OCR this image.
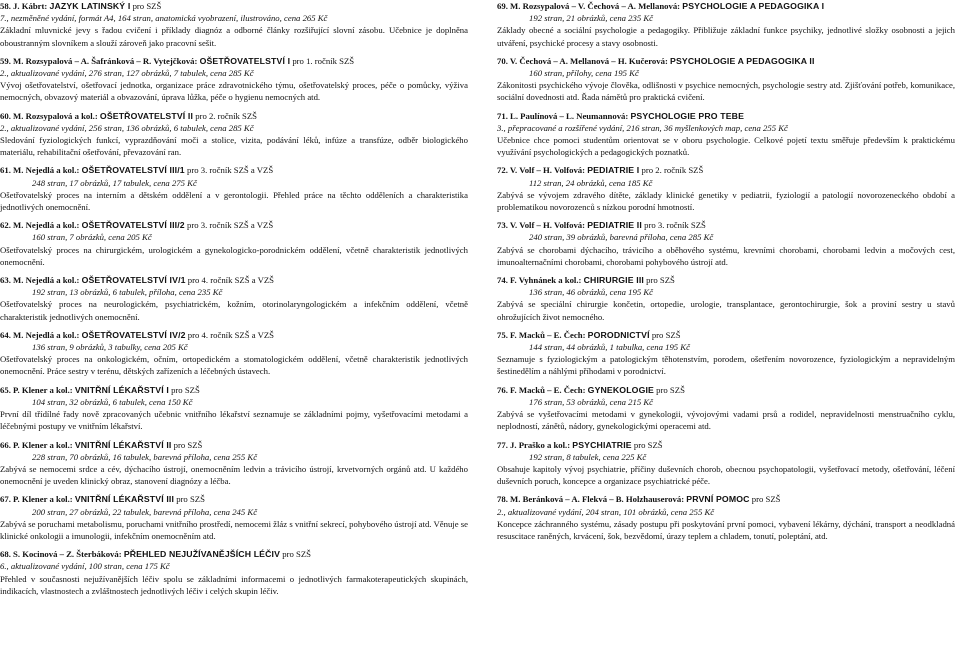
58. J. Kábrt: JAZYK LATINSKÝ I pro SZŠ

7., nezměněné vydání, formát A4, 164 stran, anatomická vyobrazení, ilustrováno, cena 265 Kč

Základní mluvnické jevy s řadou cvičení i příklady diagnóz a odborné články rozšiřující slovní zásobu. Učebnice je doplněna oboustranným slovníkem a slouží zároveň jako pracovní sešit.

59. M. Rozsypalová – A. Šafránková – R. Vytejčková: OŠETŘOVATELSTVÍ I pro 1. ročník SZŠ

2., aktualizované vydání, 276 stran, 127 obrázků, 7 tabulek, cena 285 Kč

Vývoj ošetřovatelství, ošetřovací jednotka, organizace práce zdravotnického týmu, ošetřovatelský proces, péče o pomůcky, výživa nemocných, obvazový materiál a obvazování, úprava lůžka, péče o hygienu nemocných atd.

60. M. Rozsypalová a kol.: OŠETŘOVATELSTVÍ II pro 2. ročník SZŠ

2., aktualizované vydání, 256 stran, 136 obrázků, 6 tabulek, cena 285 Kč

Sledování fyziologických funkcí, vyprazdňování moči a stolice, vizita, podávání léků, infúze a transfúze, odběr biologického materiálu, rehabilitační ošetřování, převazování ran.

61. M. Nejedlá a kol.: OŠETŘOVATELSTVÍ III/1 pro 3. ročník SZŠ a VZŠ

248 stran, 17 obrázků, 17 tabulek, cena 275 Kč

Ošetřovatelský proces na interním a dětském oddělení a v gerontologii. Přehled práce na těchto odděleních a charakteristika jednotlivých onemocnění.

62. M. Nejedlá a kol.: OŠETŘOVATELSTVÍ III/2 pro 3. ročník SZŠ a VZŠ

160 stran, 7 obrázků, cena 205 Kč

Ošetřovatelský proces na chirurgickém, urologickém a gynekologicko-porodnickém oddělení, včetně charakteristik jednotlivých onemocnění.

63. M. Nejedlá a kol.: OŠETŘOVATELSTVÍ IV/1 pro 4. ročník SZŠ a VZŠ

192 stran, 13 obrázků, 6 tabulek, příloha, cena 235 Kč

Ošetřovatelský proces na neurologickém, psychiatrickém, kožním, otorinolaryngologickém a infekčním oddělení, včetně charakteristik jednotlivých onemocnění.

64. M. Nejedlá a kol.: OŠETŘOVATELSTVÍ IV/2 pro 4. ročník SZŠ a VZŠ

136 stran, 9 obrázků, 3 tabulky, cena 205 Kč

Ošetřovatelský proces na onkologickém, očním, ortopedickém a stomatologickém oddělení, včetně charakteristik jednotlivých onemocnění. Práce sestry v terénu, dětských zařízeních a léčebných ústavech.

65. P. Klener a kol.: VNITŘNÍ LÉKAŘSTVÍ I pro SZŠ

104 stran, 32 obrázků, 6 tabulek, cena 150 Kč

První díl třídílné řady nově zpracovaných učebnic vnitřního lékařství seznamuje se základními pojmy, vyšetřovacími metodami a léčebnými postupy ve vnitřním lékařství.

66. P. Klener a kol.: VNITŘNÍ LÉKAŘSTVÍ II pro SZŠ

228 stran, 70 obrázků, 16 tabulek, barevná příloha, cena 255 Kč

Zabývá se nemocemi srdce a cév, dýchacího ústrojí, onemocněním ledvin a trávicího ústrojí, krvetvorných orgánů atd. U každého onemocnění je uveden klinický obraz, stanovení diagnózy a léčba.

67. P. Klener a kol.: VNITŘNÍ LÉKAŘSTVÍ III pro SZŠ

200 stran, 27 obrázků, 22 tabulek, barevná příloha, cena 245 Kč

Zabývá se poruchami metabolismu, poruchami vnitřního prostředí, nemocemi žláz s vnitřní sekrecí, pohybového ústrojí atd. Věnuje se klinické onkologii a imunologii, infekčním onemocněním atd.

68. S. Kocinová – Z. Šterbáková: PŘEHLED NEJUŽÍVANĚJŠÍCH LÉČIV pro SZŠ

6., aktualizované vydání, 100 stran, cena 175 Kč

Přehled v současnosti nejužívanějších léčiv spolu se základními informacemi o jednotlivých farmakoterapeutických skupinách, indikacích, vlastnostech a zvláštnostech jednotlivých léčiv i celých skupin léčiv.

69. M. Rozsypalová – V. Čechová – A. Mellanová: PSYCHOLOGIE A PEDAGOGIKA I

192 stran, 21 obrázků, cena 235 Kč

Základy obecné a sociální psychologie a pedagogiky. Přibližuje základní funkce psychiky, jednotlivé složky osobnosti a jejich utváření, psychické procesy a stavy osobnosti.

70. V. Čechová – A. Mellanová – H. Kučerová: PSYCHOLOGIE A PEDAGOGIKA II

160 stran, přílohy, cena 195 Kč

Zákonitosti psychického vývoje člověka, odlišnosti v psychice nemocných, psychologie sestry atd. Zjišťování potřeb, komunikace, sociální dovednosti atd. Řada námětů pro praktická cvičení.

71. L. Paulínová – L. Neumannová: PSYCHOLOGIE PRO TEBE

3., přepracované a rozšířené vydání, 216 stran, 36 myšlenkových map, cena 255 Kč

Učebnice chce pomoci studentům orientovat se v oboru psychologie. Celkové pojetí textu směřuje především k praktickému využívání psychologických a pedagogických poznatků.

72. V. Volf – H. Volfová: PEDIATRIE I pro 2. ročník SZŠ

112 stran, 24 obrázků, cena 185 Kč

Zabývá se vývojem zdravého dítěte, základy klinické genetiky v pediatrii, fyziologií a patologií novorozeneckého období a problematikou novorozenců s nízkou porodní hmotností.

73. V. Volf – H. Volfová: PEDIATRIE II pro 3. ročník SZŠ

240 stran, 39 obrázků, barevná příloha, cena 285 Kč

Zabývá se chorobami dýchacího, trávicího a oběhového systému, krevními chorobami, chorobami ledvin a močových cest, imunoalternačními chorobami, chorobami pohybového ústrojí atd.

74. F. Vyhnánek a kol.: CHIRURGIE III pro SZŠ

136 stran, 46 obrázků, cena 195 Kč

Zabývá se speciální chirurgie končetin, ortopedie, urologie, transplantace, gerontochirurgie, šok a proviní sestry u stavů ohrožujících život nemocného.

75. F. Macků – E. Čech: PORODNICTVÍ pro SZŠ

144 stran, 44 obrázků, 1 tabulka, cena 195 Kč

Seznamuje s fyziologickým a patologickým těhotenstvím, porodem, ošetřením novorozence, fyziologickým a nepravidelným šestinedělím a náhlými příhodami v porodnictví.

76. F. Macků – E. Čech: GYNEKOLOGIE pro SZŠ

176 stran, 53 obrázků, cena 215 Kč

Zabývá se vyšetřovacími metodami v gynekologii, vývojovými vadami prsů a rodidel, nepravidelnosti menstruačního cyklu, neplodností, zánětů, nádory, gynekologickými operacemi atd.

77. J. Praško a kol.: PSYCHIATRIE pro SZŠ

192 stran, 8 tabulek, cena 225 Kč

Obsahuje kapitoly vývoj psychiatrie, příčiny duševních chorob, obecnou psychopatologii, vyšetřovací metody, ošetřování, léčení duševních poruch, koncepce a organizace psychiatrické péče.

78. M. Beránková – A. Flekvá – B. Holzhauserová: PRVNÍ POMOC pro SZŠ

2., aktualizované vydání, 204 stran, 101 obrázků, cena 255 Kč

Koncepce záchranného systému, zásady postupu při poskytování první pomoci, vybavení lékárny, dýchání, transport a neodkladná resuscitace raněných, krvácení, šok, bezvědomí, úrazy teplem a chladem, tonutí, poleptání, atd.
